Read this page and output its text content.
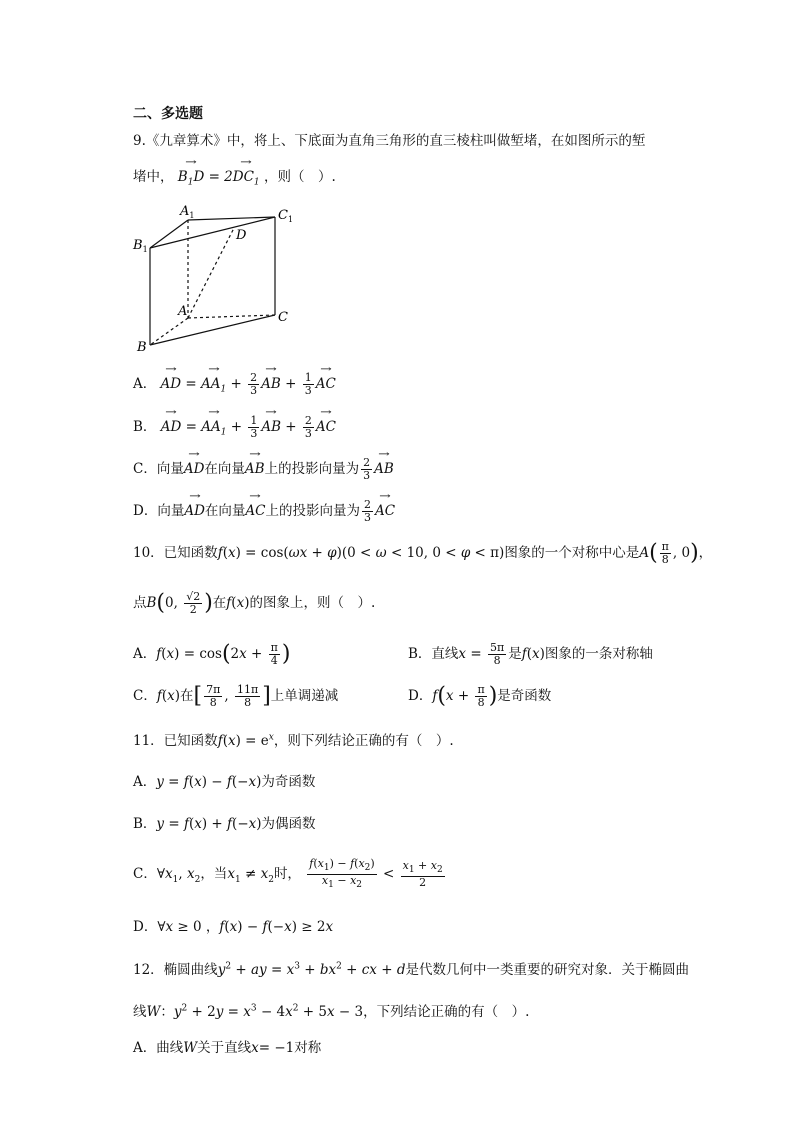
二、多选题
9.《九章算术》中，将上、下底面为直角三角形的直三棱柱叫做堑堵，在如图所示的堑
堵中， → $B_1D = 2\to DC_1$ ，则（　）.
$A_1$	$C_1$
$B_1$
D
A	C
B
A． → AD = → $AA_1 + \frac{2}{3}$ → AB + $\frac{1}{3}$ → AC
B． → AD = → $AA_1 + \frac{1}{3}$ → AB + $\frac{2}{3}$ → AC
C．向量→ AD在向量→ AB上的投影向量为 $\frac{2}{3}$ → AB
D．向量→ AD在向量→ AC上的投影向量为 $\frac{2}{3}$ → AC
10．已知函数f(x) = cos(ωx + φ)(0 < ω < 10, 0 < φ < π)图象的一个对称中心是$A( \frac{\pi}{8}$ , 0)，
点B(0, $\frac{√2}{2}$ )在f(x)的图象上，则（　）.
A．$f(x) = \cos(2x + \frac{\pi}{4}$ )	B．直线$x = \frac{5\pi}{8}$ 是f(x)图象的一条对称轴
C．f(x)在[ $\frac{7\pi}{8}$ , $\frac{11\pi}{8}$ ]上单调递减	D．$f(x + \frac{\pi}{8}$ )是奇函数
11．已知函数$f(x) = e^x$，则下列结论正确的有（　）.
A．y = f(x) − f(−x)为奇函数
B．y = f(x) + f(−x)为偶函数
C．$\forall x_1$, $x_2$，当$x_1 \ne x_2$时， $\frac{f(x_1) - f(x_2)}{x_1 - x_2} < \frac{x_1 + x_2}{2}$
D．∀x ≥ 0 ，f(x) − f(−x) ≥ 2x
12．椭圆曲线$y^2$ + ay = $x^3 + bx^2$ + cx + d是代数几何中一类重要的研究对象．关于椭圆曲
线W：$y^2 + 2y = x^3 - 4x^2 + 5x - 3$，下列结论正确的有（　）.
A．曲线W关于直线x= −1对称
